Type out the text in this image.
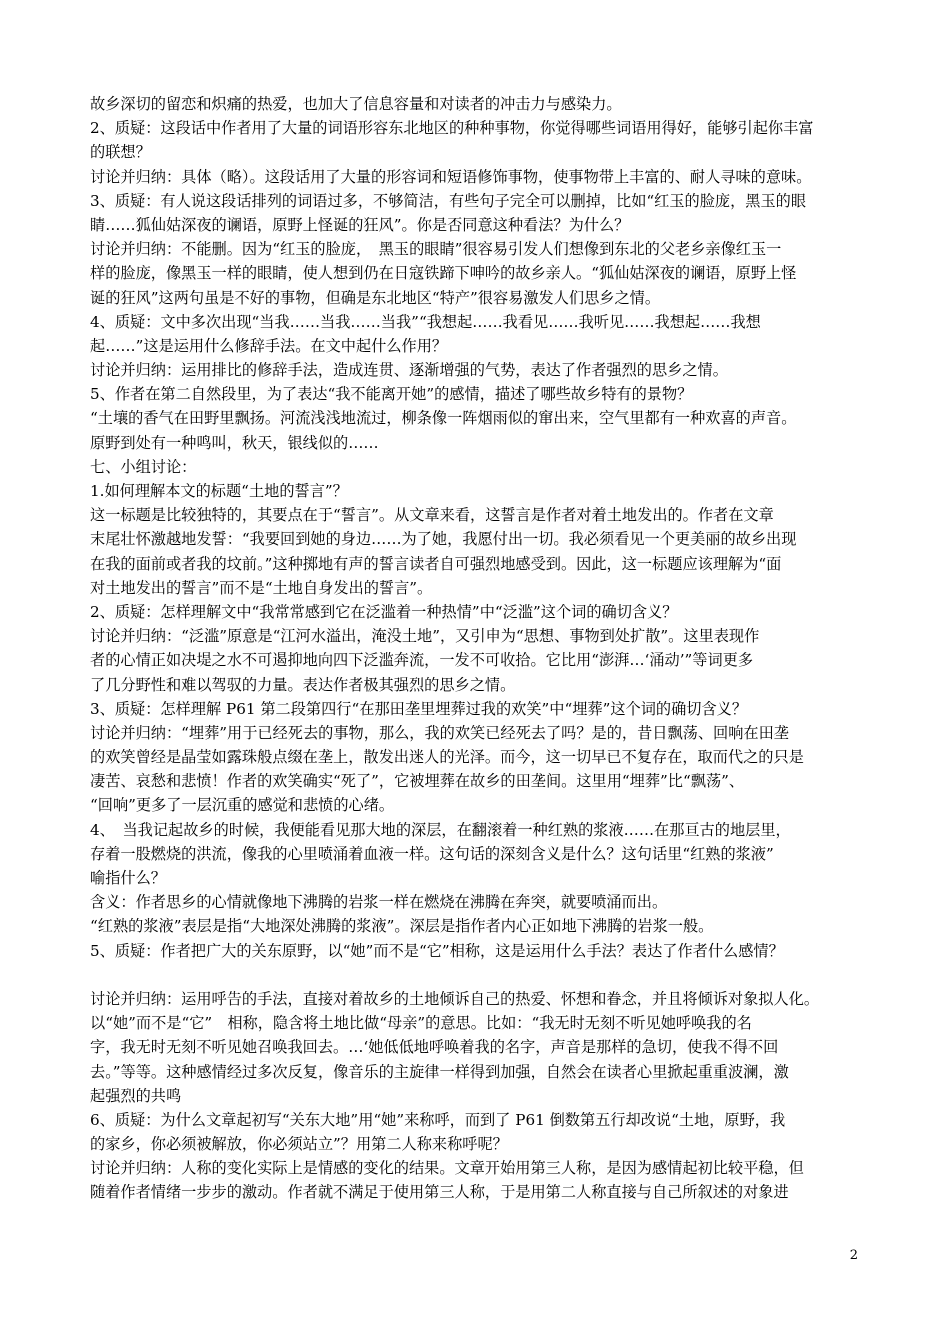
故乡深切的留恋和炽痛的热爱，也加大了信息容量和对读者的冲击力与感染力。
2、质疑：这段话中作者用了大量的词语形容东北地区的种种事物，你觉得哪些词语用得好，能够引起你丰富
的联想？
讨论并归纳：具体（略）。这段话用了大量的形容词和短语修饰事物，使事物带上丰富的、耐人寻味的意味。
3、质疑：有人说这段话排列的词语过多，不够简洁，有些句子完全可以删掉，比如“红玉的脸庞，黑玉的眼
睛……狐仙姑深夜的谰语，原野上怪诞的狂风”。你是否同意这种看法？为什么？
讨论并归纳：不能删。因为“红玉的脸庞，　黑玉的眼睛”很容易引发人们想像到东北的父老乡亲像红玉一
样的脸庞，像黑玉一样的眼睛，使人想到仍在日寇铁蹄下呻吟的故乡亲人。“狐仙姑深夜的谰语，原野上怪
诞的狂风”这两句虽是不好的事物，但确是东北地区“特产”很容易激发人们思乡之情。
4、质疑：文中多次出现“当我……当我……当我”“我想起……我看见……我听见……我想起……我想
起……”这是运用什么修辞手法。在文中起什么作用？
讨论并归纳：运用排比的修辞手法，造成连贯、逐渐增强的气势，表达了作者强烈的思乡之情。
5、作者在第二自然段里，为了表达“我不能离开她”的感情，描述了哪些故乡特有的景物？
“土壤的香气在田野里飘扬。河流浅浅地流过，柳条像一阵烟雨似的窜出来，空气里都有一种欢喜的声音。
原野到处有一种鸣叫，秋天，银线似的……
七、小组讨论：
1.如何理解本文的标题“土地的誓言”？
这一标题是比较独特的，其要点在于“誓言”。从文章来看，这誓言是作者对着土地发出的。作者在文章
末尾壮怀激越地发誓：“我要回到她的身边……为了她，我愿付出一切。我必须看见一个更美丽的故乡出现
在我的面前或者我的坟前。”这种掷地有声的誓言读者自可强烈地感受到。因此，这一标题应该理解为“面
对土地发出的誓言”而不是“土地自身发出的誓言”。
2、质疑：怎样理解文中“我常常感到它在泛滥着一种热情”中“泛滥”这个词的确切含义？
讨论并归纳：“泛滥”原意是“江河水溢出，淹没土地”，又引申为“思想、事物到处扩散”。这里表现作
者的心情正如决堤之水不可遏抑地向四下泛滥奔流，一发不可收拾。它比用“澎湃…‘涌动’”等词更多
了几分野性和难以驾驭的力量。表达作者极其强烈的思乡之情。
3、质疑：怎样理解 P61 第二段第四行“在那田垄里埋葬过我的欢笑”中“埋葬”这个词的确切含义？
讨论并归纳：“埋葬”用于已经死去的事物，那么，我的欢笑已经死去了吗？是的，昔日飘荡、回响在田垄
的欢笑曾经是晶莹如露珠般点缀在垄上，散发出迷人的光泽。而今，这一切早已不复存在，取而代之的只是
凄苦、哀愁和悲愤！作者的欢笑确实“死了”，它被埋葬在故乡的田垄间。这里用“埋葬”比“飘荡”、
“回响”更多了一层沉重的感觉和悲愤的心绪。
4、　当我记起故乡的时候，我便能看见那大地的深层，在翻滚着一种红熟的浆液……在那亘古的地层里，
存着一股燃烧的洪流，像我的心里喷涌着血液一样。这句话的深刻含义是什么？这句话里“红熟的浆液”
喻指什么？
含义：作者思乡的心情就像地下沸腾的岩浆一样在燃烧在沸腾在奔突，就要喷涌而出。
“红熟的浆液”表层是指“大地深处沸腾的浆液”。深层是指作者内心正如地下沸腾的岩浆一般。
5、质疑：作者把广大的关东原野，以“她”而不是“它”相称，这是运用什么手法？表达了作者什么感情？
讨论并归纳：运用呼告的手法，直接对着故乡的土地倾诉自己的热爱、怀想和眷念，并且将倾诉对象拟人化。
以“她”而不是“它”　相称，隐含将土地比做“母亲”的意思。比如：“我无时无刻不听见她呼唤我的名
字，我无时无刻不听见她召唤我回去。…‘她低低地呼唤着我的名字，声音是那样的急切，使我不得不回
去。”等等。这种感情经过多次反复，像音乐的主旋律一样得到加强，自然会在读者心里掀起重重波澜，激
起强烈的共鸣
6、质疑：为什么文章起初写“关东大地”用“她”来称呼，而到了 P61 倒数第五行却改说“土地，原野，我
的家乡，你必须被解放，你必须站立”？用第二人称来称呼呢？
讨论并归纳：人称的变化实际上是情感的变化的结果。文章开始用第三人称，是因为感情起初比较平稳，但
随着作者情绪一步步的激动。作者就不满足于使用第三人称，于是用第二人称直接与自己所叙述的对象进
2
